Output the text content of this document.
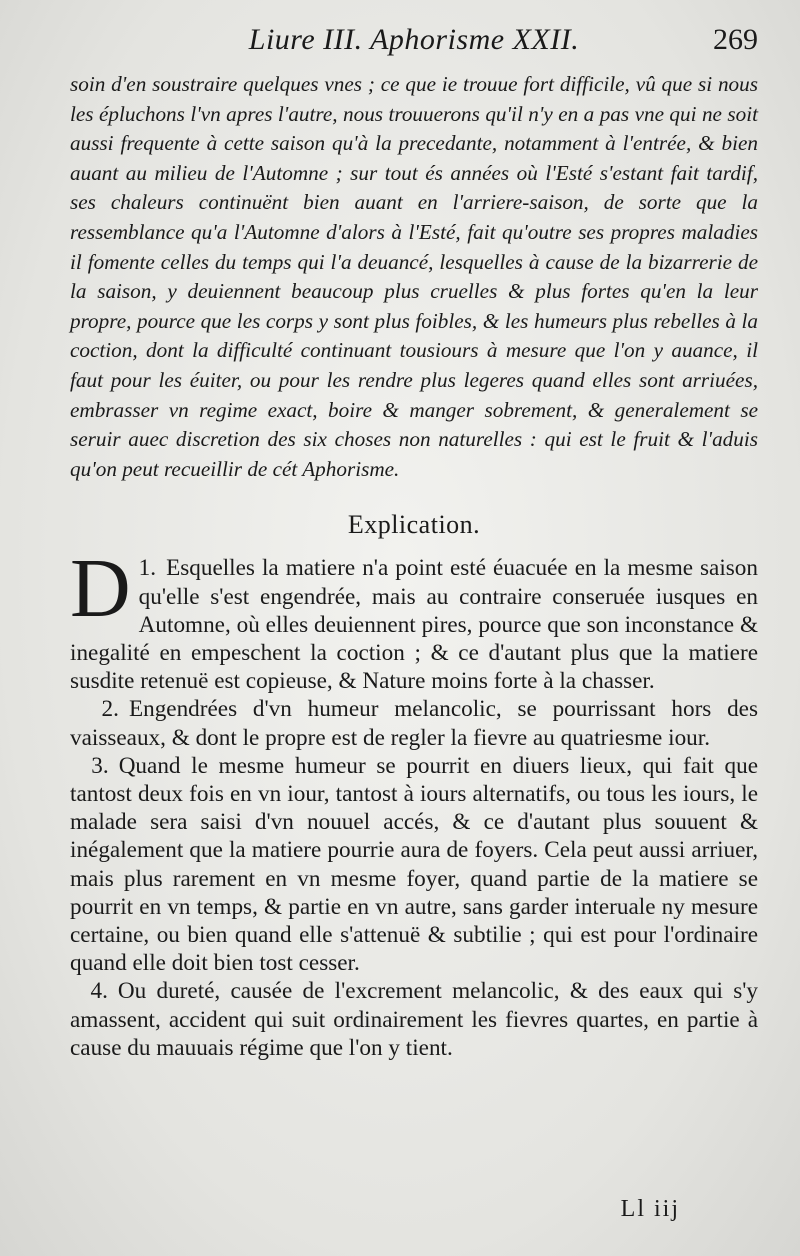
Liure III. Aphorisme XXII.	269
soin d'en soustraire quelques vnes ; ce que ie trouue fort difficile, vû que si nous les épluchons l'vn apres l'autre, nous trouuerons qu'il n'y en a pas vne qui ne soit aussi frequente à cette saison qu'à la precedante, notamment à l'entrée, & bien auant au milieu de l'Automne ; sur tout és années où l'Esté s'estant fait tardif, ses chaleurs continuënt bien auant en l'arriere-saison, de sorte que la ressemblance qu'a l'Automne d'alors à l'Esté, fait qu'outre ses propres maladies il fomente celles du temps qui l'a deuancé, lesquelles à cause de la bizarrerie de la saison, y deuiennent beaucoup plus cruelles & plus fortes qu'en la leur propre, pource que les corps y sont plus foibles, & les humeurs plus rebelles à la coction, dont la difficulté continuant tousiours à mesure que l'on y auance, il faut pour les éuiter, ou pour les rendre plus legeres quand elles sont arriuées, embrasser vn regime exact, boire & manger sobrement, & generalement se seruir auec discretion des six choses non naturelles : qui est le fruit & l'aduis qu'on peut recueillir de cét Aphorisme.
Explication.

1.
D Esquelles la matiere n'a point esté éuacuée en la mesme saison qu'elle s'est engendrée, mais au contraire conseruée iusques en Automne, où elles deuiennent pires, pource que son inconstance & inegalité en empeschent la coction ; & ce d'autant plus que la matiere susdite retenuë est copieuse, & Nature moins forte à la chasser.

2. Engendrées d'vn humeur melancolic, se pourrissant hors des vaisseaux, & dont le propre est de regler la fievre au quatriesme iour.

3. Quand le mesme humeur se pourrit en diuers lieux, qui fait que tantost deux fois en vn iour, tantost à iours alternatifs, ou tous les iours, le malade sera saisi d'vn nouuel accés, & ce d'autant plus souuent & inégalement que la matiere pourrie aura de foyers. Cela peut aussi arriuer, mais plus rarement en vn mesme foyer, quand partie de la matiere se pourrit en vn temps, & partie en vn autre, sans garder interuale ny mesure certaine, ou bien quand elle s'attenuë & subtilie ; qui est pour l'ordinaire quand elle doit bien tost cesser.

4. Ou dureté, causée de l'excrement melancolic, & des eaux qui s'y amassent, accident qui suit ordinairement les fievres quartes, en partie à cause du mauuais régime que l'on y tient.

Ll iij
